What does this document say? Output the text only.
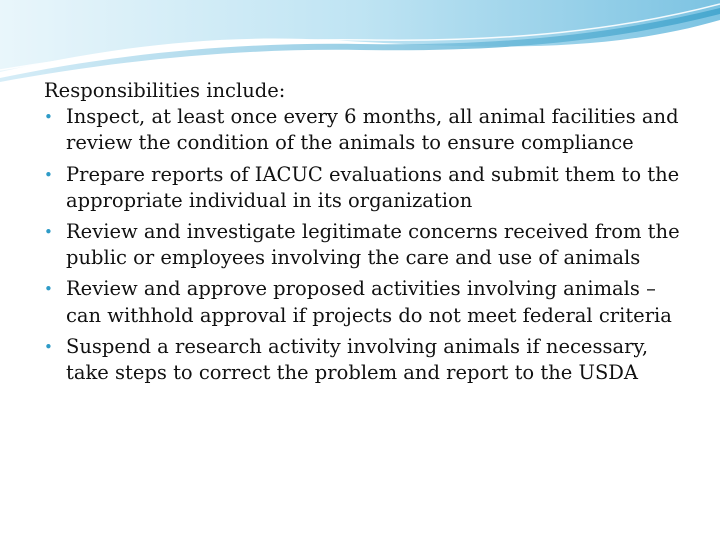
Responsibilities include:

• Inspect, at least once every 6 months, all animal facilities and review the condition of the animals to ensure compliance
• Prepare reports of IACUC evaluations and submit them to the appropriate individual in its organization
• Review and investigate legitimate concerns received from the public or employees involving the care and use of animals
• Review and approve proposed activities involving animals – can withhold approval if projects do not meet federal criteria
• Suspend a research activity involving animals if necessary, take steps to correct the problem and report to the USDA
